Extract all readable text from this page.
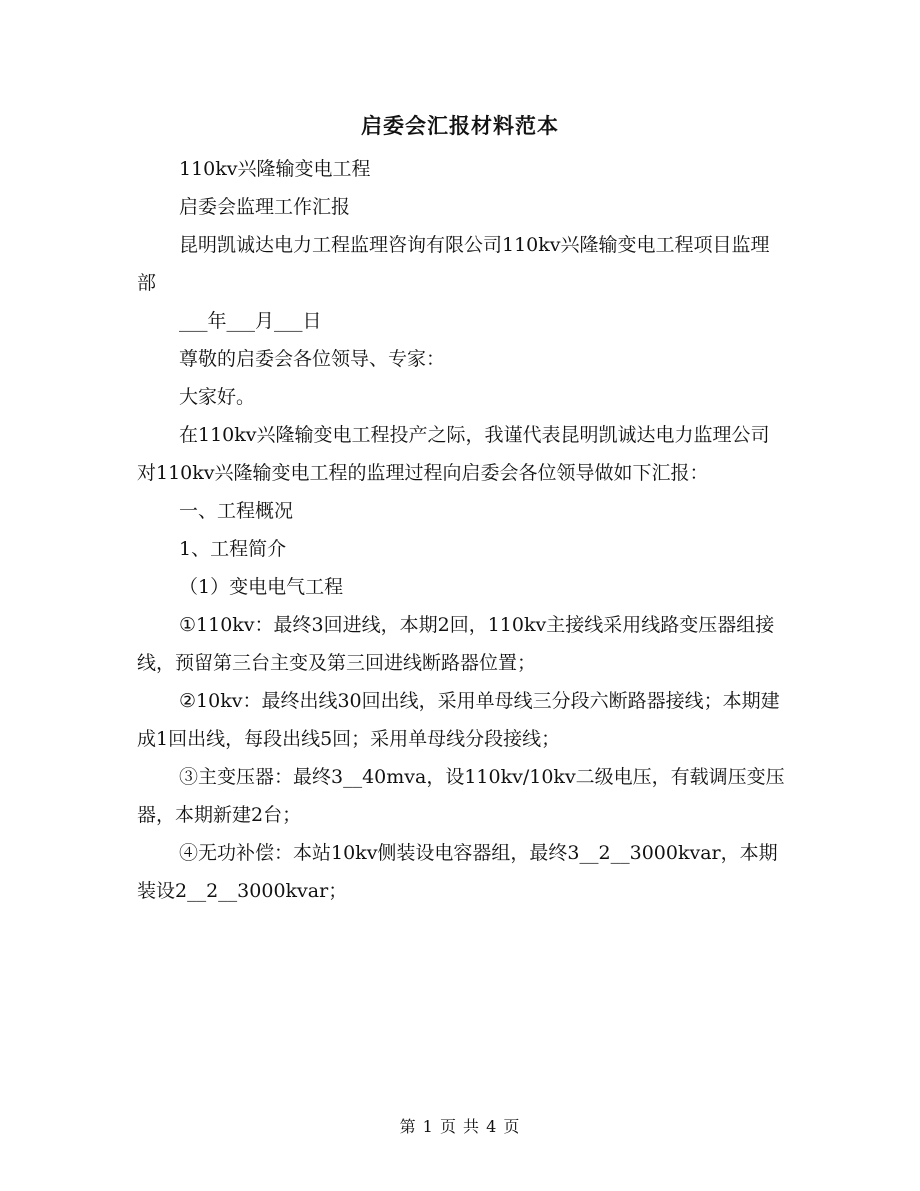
启委会汇报材料范本

110kv兴隆输变电工程

启委会监理工作汇报

昆明凯诚达电力工程监理咨询有限公司110kv兴隆输变电工程项目监理部

___年___月___日

尊敬的启委会各位领导、专家：

大家好。

在110kv兴隆输变电工程投产之际，我谨代表昆明凯诚达电力监理公司对110kv兴隆输变电工程的监理过程向启委会各位领导做如下汇报：

一、工程概况

1、工程简介

（1）变电电气工程

①110kv：最终3回进线，本期2回，110kv主接线采用线路变压器组接线，预留第三台主变及第三回进线断路器位置；

②10kv：最终出线30回出线，采用单母线三分段六断路器接线；本期建成1回出线，每段出线5回；采用单母线分段接线；

③主变压器：最终3__40mva，设110kv/10kv二级电压，有载调压变压器，本期新建2台；

④无功补偿：本站10kv侧装设电容器组，最终3__2__3000kvar，本期装设2__2__3000kvar；

第 1 页 共 4 页
